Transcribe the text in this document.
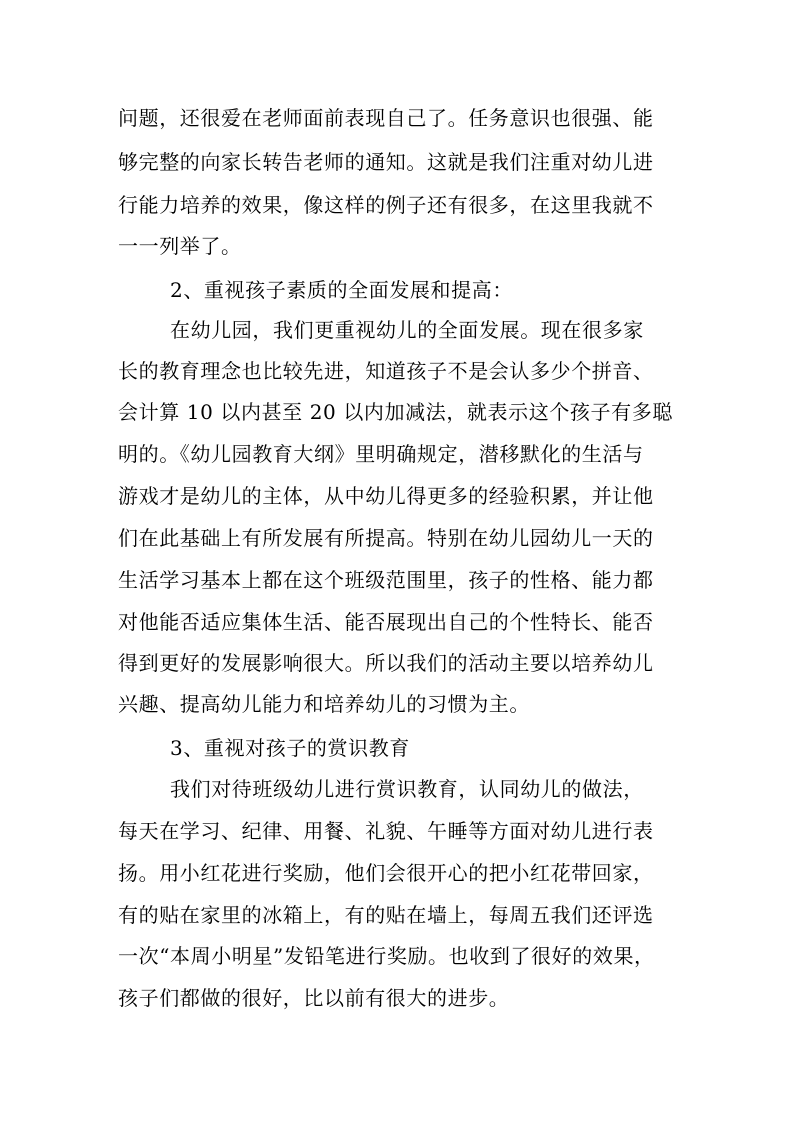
问题，还很爱在老师面前表现自己了。任务意识也很强、能
够完整的向家长转告老师的通知。这就是我们注重对幼儿进
行能力培养的效果，像这样的例子还有很多，在这里我就不
一一列举了。
2、重视孩子素质的全面发展和提高：
在幼儿园，我们更重视幼儿的全面发展。现在很多家
长的教育理念也比较先进，知道孩子不是会认多少个拼音、
会计算 10 以内甚至 20 以内加减法，就表示这个孩子有多聪
明的。《幼儿园教育大纲》里明确规定，潜移默化的生活与
游戏才是幼儿的主体，从中幼儿得更多的经验积累，并让他
们在此基础上有所发展有所提高。特别在幼儿园幼儿一天的
生活学习基本上都在这个班级范围里，孩子的性格、能力都
对他能否适应集体生活、能否展现出自己的个性特长、能否
得到更好的发展影响很大。所以我们的活动主要以培养幼儿
兴趣、提高幼儿能力和培养幼儿的习惯为主。
3、重视对孩子的赏识教育
我们对待班级幼儿进行赏识教育，认同幼儿的做法，
每天在学习、纪律、用餐、礼貌、午睡等方面对幼儿进行表
扬。用小红花进行奖励，他们会很开心的把小红花带回家，
有的贴在家里的冰箱上，有的贴在墙上，每周五我们还评选
一次“本周小明星”发铅笔进行奖励。也收到了很好的效果，
孩子们都做的很好，比以前有很大的进步。
